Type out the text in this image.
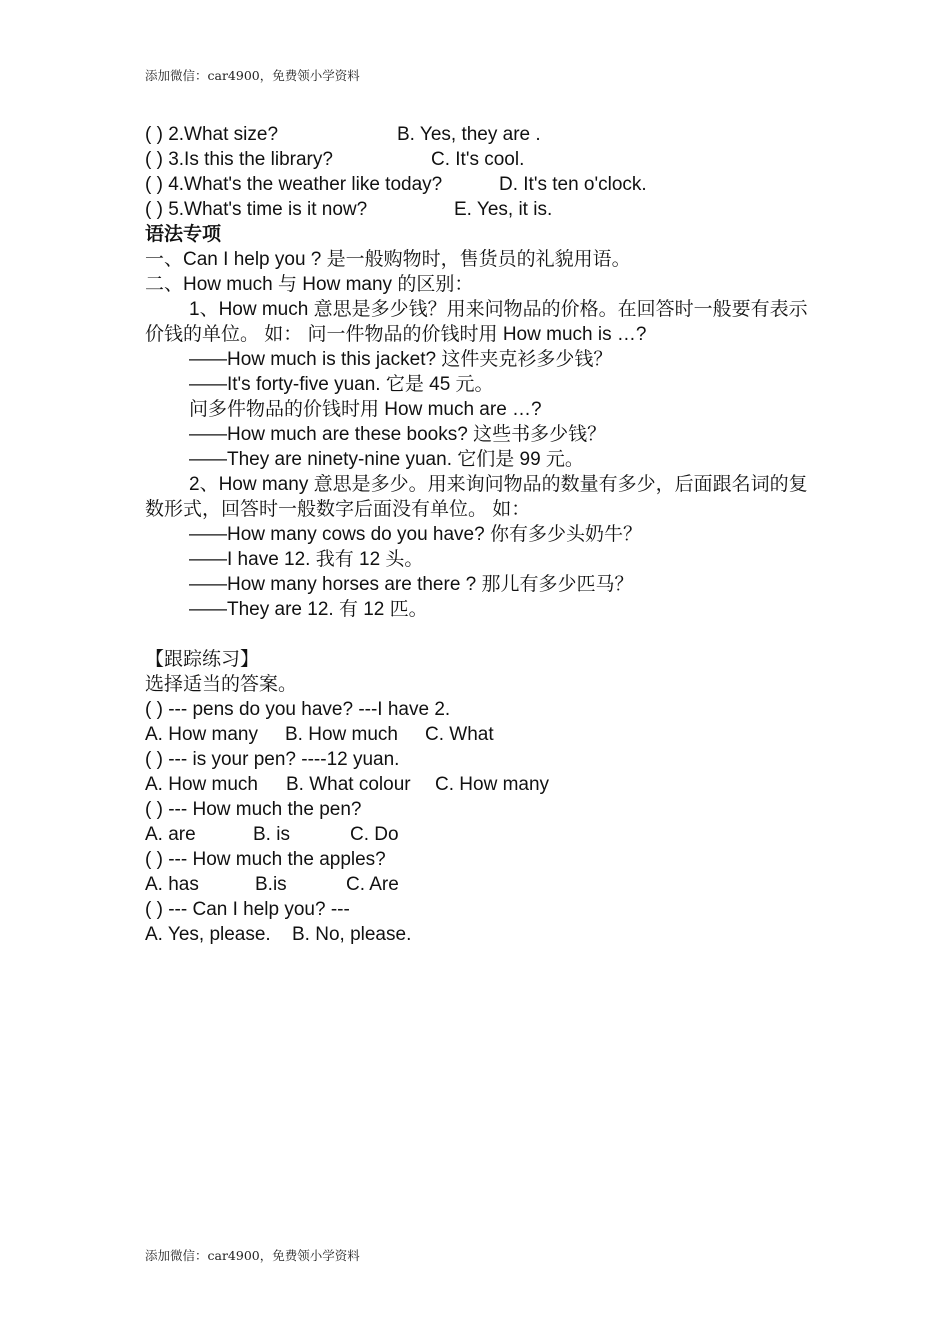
添加微信：car4900，免费领小学资料
( ) 2.What size?	B. Yes, they are .
( ) 3.Is this the library?	C. It's cool.
( ) 4.What's the weather like today?	D. It's ten o'clock.
( ) 5.What's time is it now?	E. Yes, it is.
语法专项
一、Can I help you ? 是一般购物时，售货员的礼貌用语。
二、How much 与 How many 的区别：
1、How much 意思是多少钱？用来问物品的价格。在回答时一般要有表示价钱的单位。 如： 问一件物品的价钱时用 How much is …?
——How much is this jacket? 这件夹克衫多少钱？
——It's forty-five yuan. 它是 45 元。
问多件物品的价钱时用 How much are …?
——How much are these books? 这些书多少钱？
——They are ninety-nine yuan. 它们是 99 元。
2、How many 意思是多少。用来询问物品的数量有多少，后面跟名词的复数形式，回答时一般数字后面没有单位。 如：
——How many cows do you have? 你有多少头奶牛？
——I have 12. 我有 12 头。
——How many horses are there ? 那儿有多少匹马？
——They are 12. 有 12 匹。
【跟踪练习】
选择适当的答案。
( ) --- pens do you have? ---I have 2.
A. How many B. How much C. What
( ) --- is your pen? ----12 yuan.
A. How much B. What colour C. How many
( ) --- How much the pen?
A. are	B. is	C. Do
( ) --- How much the apples?
A. has	B.is	C. Are
( ) --- Can I help you? ---
A. Yes, please. B. No, please.
添加微信：car4900，免费领小学资料
